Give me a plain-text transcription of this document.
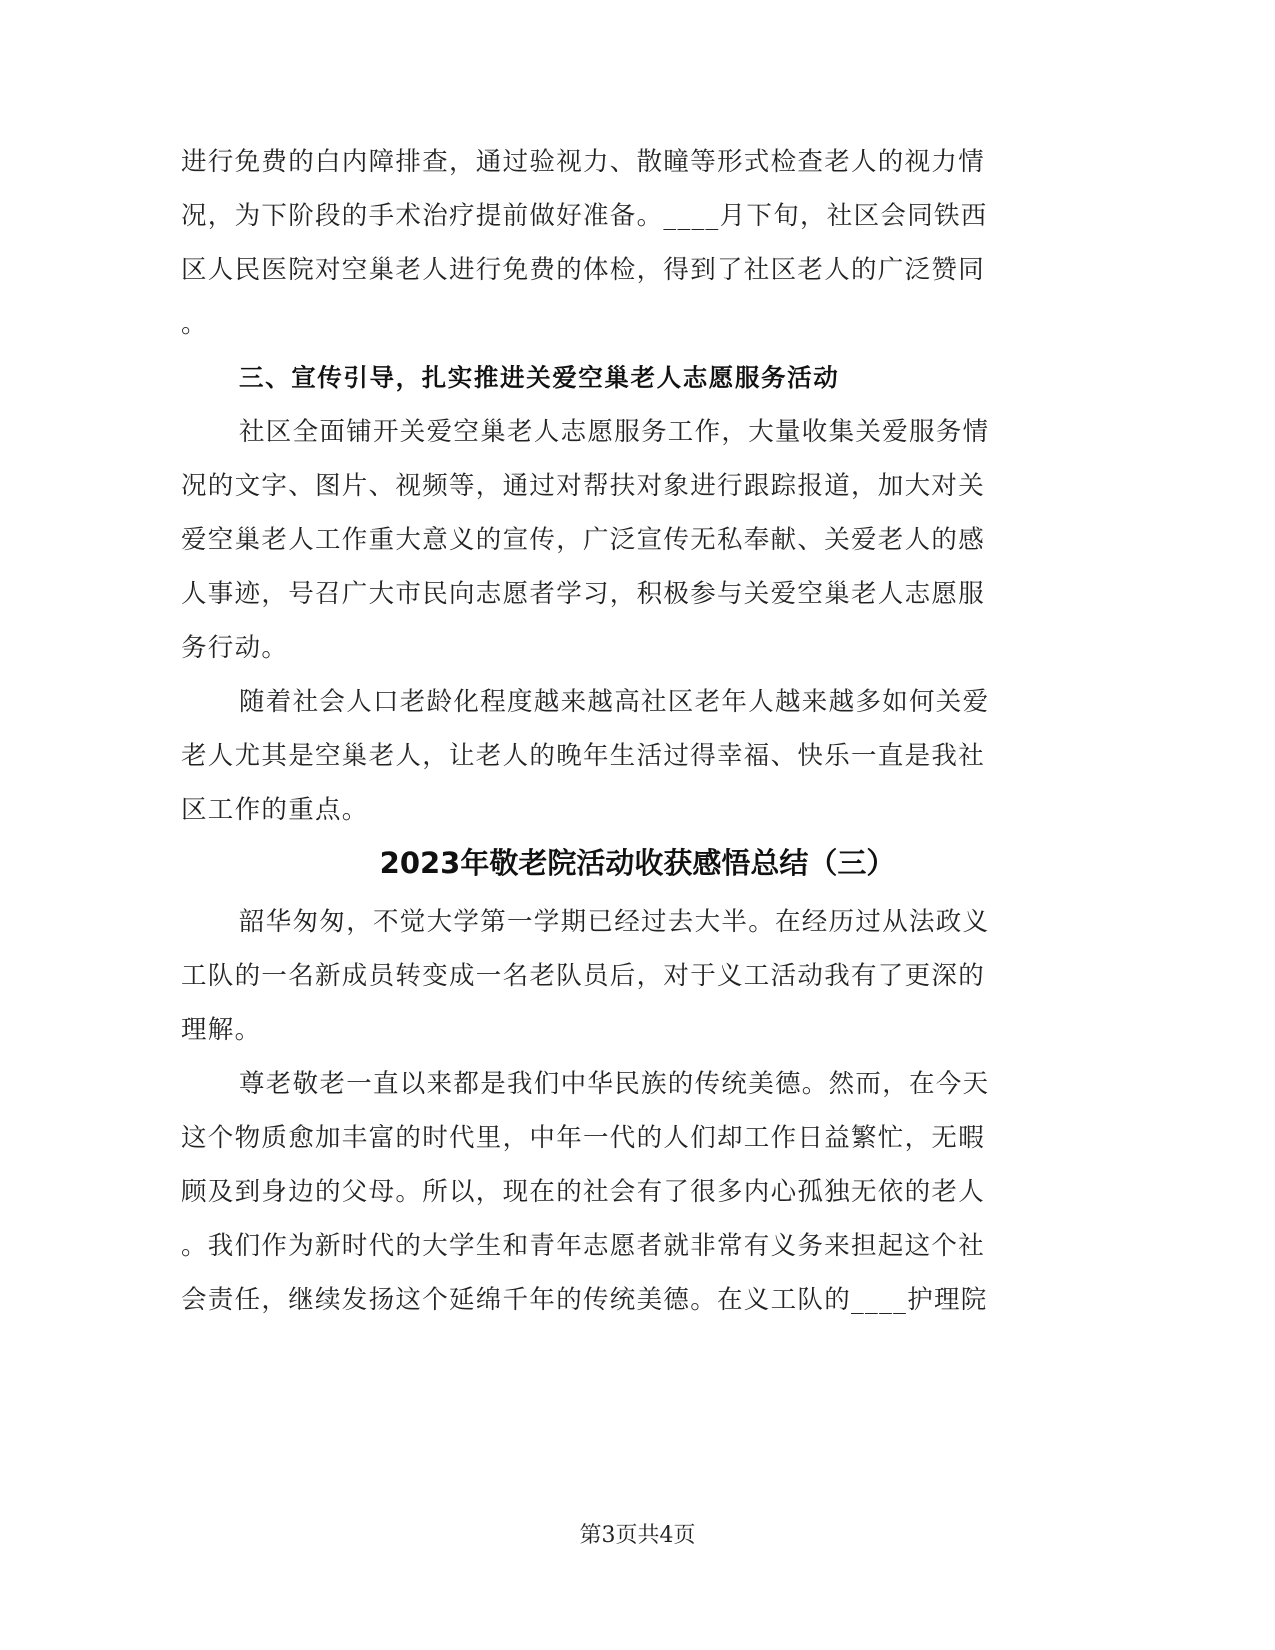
进行免费的白内障排查，通过验视力、散瞳等形式检查老人的视力情
况，为下阶段的手术治疗提前做好准备。____月下旬，社区会同铁西
区人民医院对空巢老人进行免费的体检，得到了社区老人的广泛赞同
。
三、宣传引导，扎实推进关爱空巢老人志愿服务活动
社区全面铺开关爱空巢老人志愿服务工作，大量收集关爱服务情
况的文字、图片、视频等，通过对帮扶对象进行跟踪报道，加大对关
爱空巢老人工作重大意义的宣传，广泛宣传无私奉献、关爱老人的感
人事迹，号召广大市民向志愿者学习，积极参与关爱空巢老人志愿服
务行动。
随着社会人口老龄化程度越来越高社区老年人越来越多如何关爱
老人尤其是空巢老人，让老人的晚年生活过得幸福、快乐一直是我社
区工作的重点。
2023年敬老院活动收获感悟总结（三）
韶华匆匆，不觉大学第一学期已经过去大半。在经历过从法政义
工队的一名新成员转变成一名老队员后，对于义工活动我有了更深的
理解。
尊老敬老一直以来都是我们中华民族的传统美德。然而，在今天
这个物质愈加丰富的时代里，中年一代的人们却工作日益繁忙，无暇
顾及到身边的父母。所以，现在的社会有了很多内心孤独无依的老人
。我们作为新时代的大学生和青年志愿者就非常有义务来担起这个社
会责任，继续发扬这个延绵千年的传统美德。在义工队的____护理院
第3页共4页
